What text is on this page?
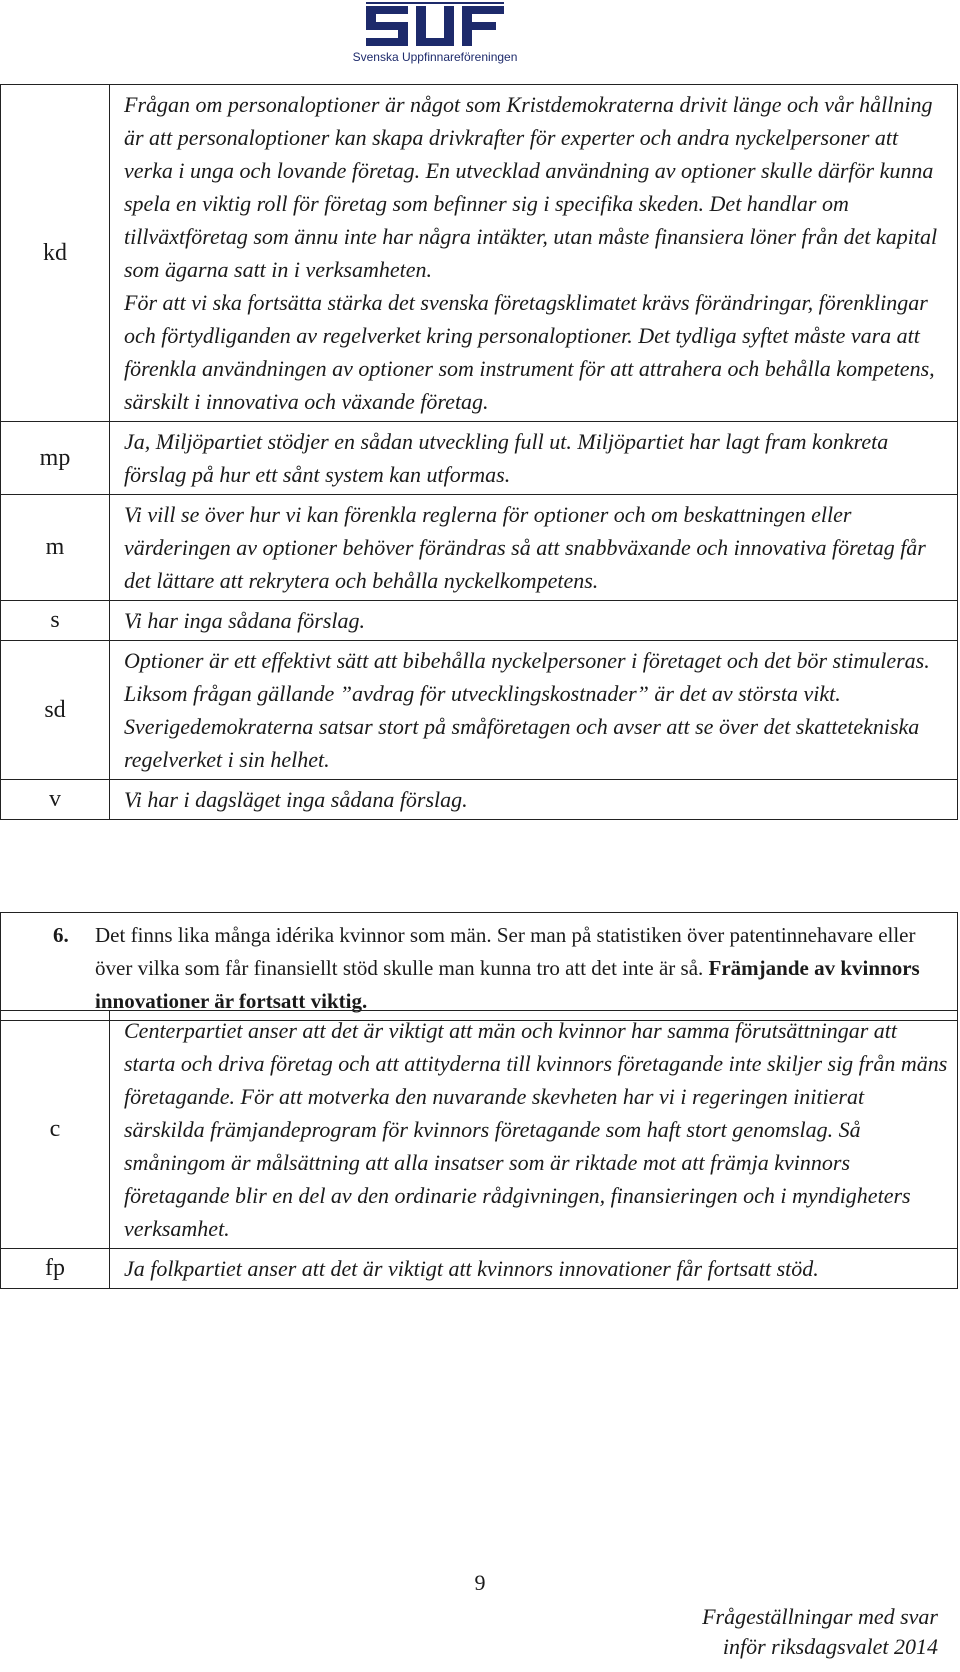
Svenska Uppfinnareföreningen
kd	Frågan om personaloptioner är något som Kristdemokraterna drivit länge och vår hållning är att personaloptioner kan skapa drivkrafter för experter och andra nyckelpersoner att verka i unga och lovande företag. En utvecklad användning av optioner skulle därför kunna spela en viktig roll för företag som befinner sig i specifika skeden. Det handlar om tillväxtföretag som ännu inte har några intäkter, utan måste finansiera löner från det kapital som ägarna satt in i verksamheten.
För att vi ska fortsätta stärka det svenska företagsklimatet krävs förändringar, förenklingar och förtydliganden av regelverket kring personaloptioner. Det tydliga syftet måste vara att förenkla användningen av optioner som instrument för att attrahera och behålla kompetens, särskilt i innovativa och växande företag.

mp	Ja, Miljöpartiet stödjer en sådan utveckling full ut. Miljöpartiet har lagt fram konkreta förslag på hur ett sånt system kan utformas.

m	Vi vill se över hur vi kan förenkla reglerna för optioner och om beskattningen eller värderingen av optioner behöver förändras så att snabbväxande och innovativa företag får det lättare att rekrytera och behålla nyckelkompetens.

s	Vi har inga sådana förslag.

sd	Optioner är ett effektivt sätt att bibehålla nyckelpersoner i företaget och det bör stimuleras. Liksom frågan gällande ”avdrag för utvecklingskostnader” är det av största vikt. Sverigedemokraterna satsar stort på småföretagen och avser att se över det skattetekniska regelverket i sin helhet.

v	Vi har i dagsläget inga sådana förslag.
6.	Det finns lika många idérika kvinnor som män. Ser man på statistiken över patentinnehavare eller över vilka som får finansiellt stöd skulle man kunna tro att det inte är så. Främjande av kvinnors innovationer är fortsatt viktig.
c	Centerpartiet anser att det är viktigt att män och kvinnor har samma förutsättningar att starta och driva företag och att attityderna till kvinnors företagande inte skiljer sig från mäns företagande. För att motverka den nuvarande skevheten har vi i regeringen initierat särskilda främjandeprogram för kvinnors företagande som haft stort genomslag. Så småningom är målsättning att alla insatser som är riktade mot att främja kvinnors företagande blir en del av den ordinarie rådgivningen, finansieringen och i myndigheters verksamhet.

fp	Ja folkpartiet anser att det är viktigt att kvinnors innovationer får fortsatt stöd.
9
Frågeställningar med svar
inför riksdagsvalet 2014
